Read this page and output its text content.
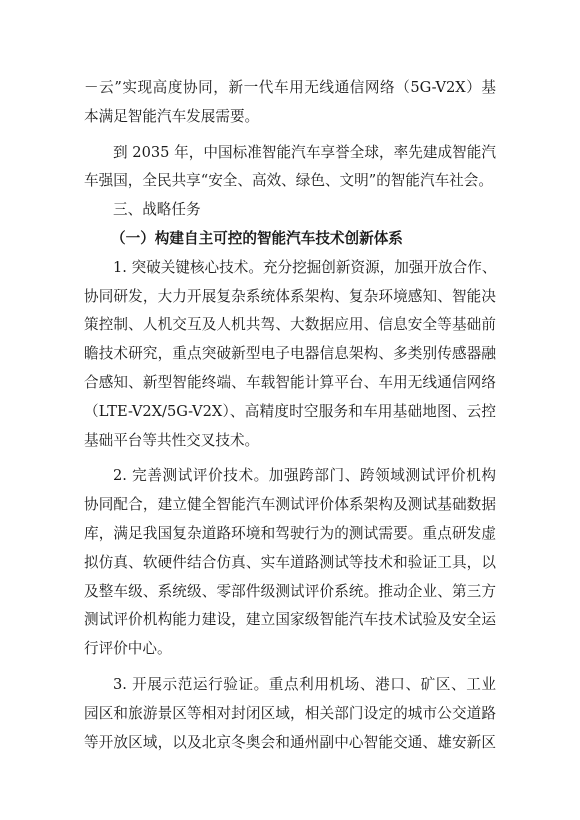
－云”实现高度协同，新一代车用无线通信网络（5G-V2X）基
本满足智能汽车发展需要。
到 2035 年，中国标准智能汽车享誉全球，率先建成智能汽
车强国，全民共享“安全、高效、绿色、文明”的智能汽车社会。
三、战略任务
（一）构建自主可控的智能汽车技术创新体系
1. 突破关键核心技术。充分挖掘创新资源，加强开放合作、
协同研发，大力开展复杂系统体系架构、复杂环境感知、智能决
策控制、人机交互及人机共驾、大数据应用、信息安全等基础前
瞻技术研究，重点突破新型电子电器信息架构、多类别传感器融
合感知、新型智能终端、车载智能计算平台、车用无线通信网络
（LTE-V2X/5G-V2X）、高精度时空服务和车用基础地图、云控
基础平台等共性交叉技术。
2. 完善测试评价技术。加强跨部门、跨领域测试评价机构
协同配合，建立健全智能汽车测试评价体系架构及测试基础数据
库，满足我国复杂道路环境和驾驶行为的测试需要。重点研发虚
拟仿真、软硬件结合仿真、实车道路测试等技术和验证工具，以
及整车级、系统级、零部件级测试评价系统。推动企业、第三方
测试评价机构能力建设，建立国家级智能汽车技术试验及安全运
行评价中心。
3. 开展示范运行验证。重点利用机场、港口、矿区、工业
园区和旅游景区等相对封闭区域，相关部门设定的城市公交道路
等开放区域，以及北京冬奥会和通州副中心智能交通、雄安新区
